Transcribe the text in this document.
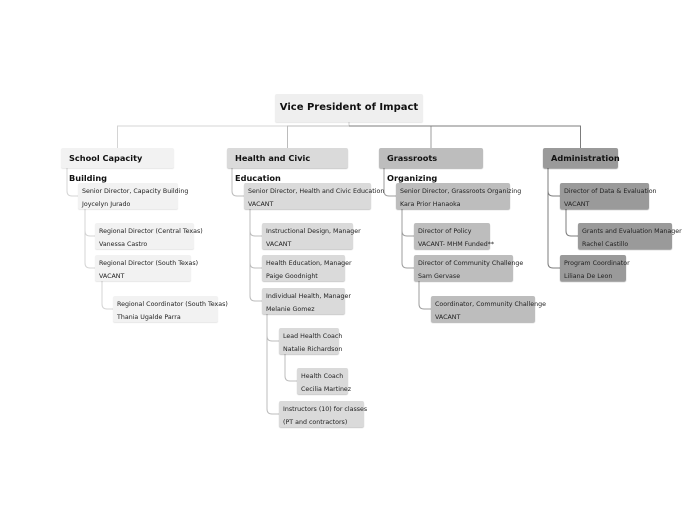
Vice President of Impact
School Capacity Building
Health and Civic Education
Grassroots Organizing
Administration
Senior Director, Capacity Building
Joycelyn Jurado
Regional Director (Central Texas)
Vanessa Castro
Regional Director (South Texas)
VACANT
Regional Coordinator (South Texas)
Thania Ugalde Parra
Senior Director, Health and Civic Education
VACANT
Instructional Design, Manager
VACANT
Health Education, Manager
Paige Goodnight
Individual Health, Manager
Melanie Gomez
Lead Health Coach
Natalie Richardson
Health Coach
Cecilia Martinez
Instructors (10) for classes
(PT and contractors)
Senior Director, Grassroots Organizing
Kara Prior Hanaoka
Director of Policy
VACANT- MHM Funded**
Director of Community Challenge
Sam Gervase
Coordinator, Community Challenge
VACANT
Director of Data & Evaluation
VACANT
Grants and Evaluation Manager
Rachel Castillo
Program Coordinator
Liliana De Leon
